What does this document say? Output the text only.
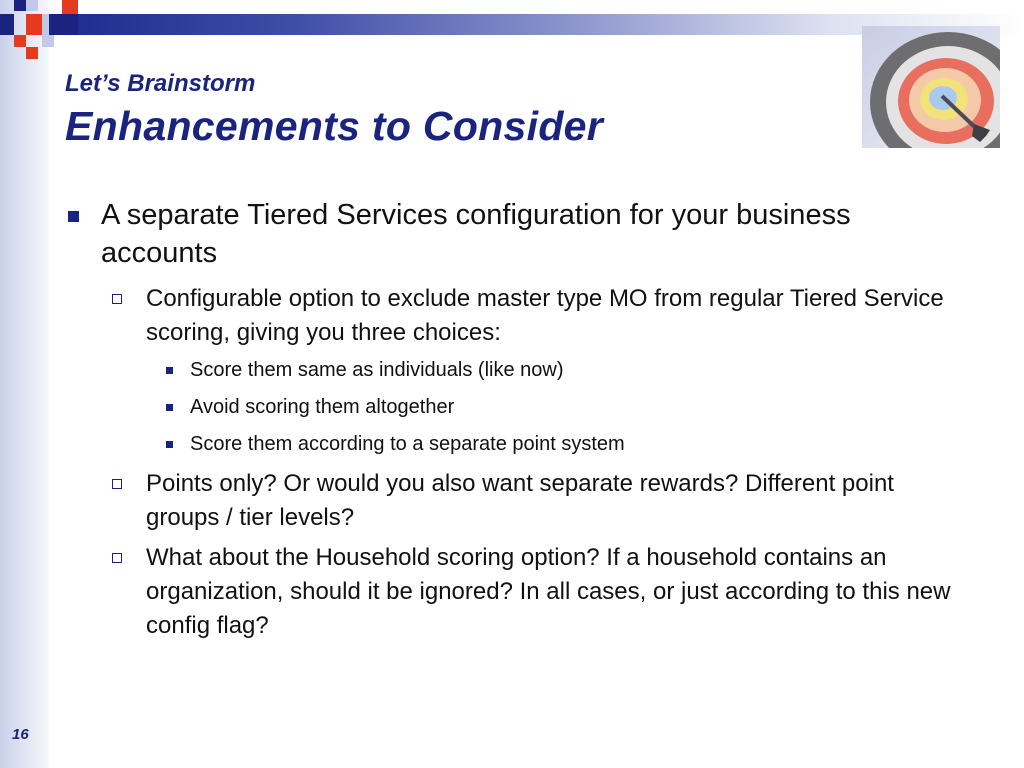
Let’s Brainstorm
Enhancements to Consider
A separate Tiered Services configuration for your business accounts
Configurable option to exclude master type MO from regular Tiered Service scoring, giving you three choices:
Score them same as individuals (like now)
Avoid scoring them altogether
Score them according to a separate point system
Points only? Or would you also want separate rewards? Different point groups / tier levels?
What about the Household scoring option? If a household contains an organization, should it be ignored? In all cases, or just according to this new config flag?
16
